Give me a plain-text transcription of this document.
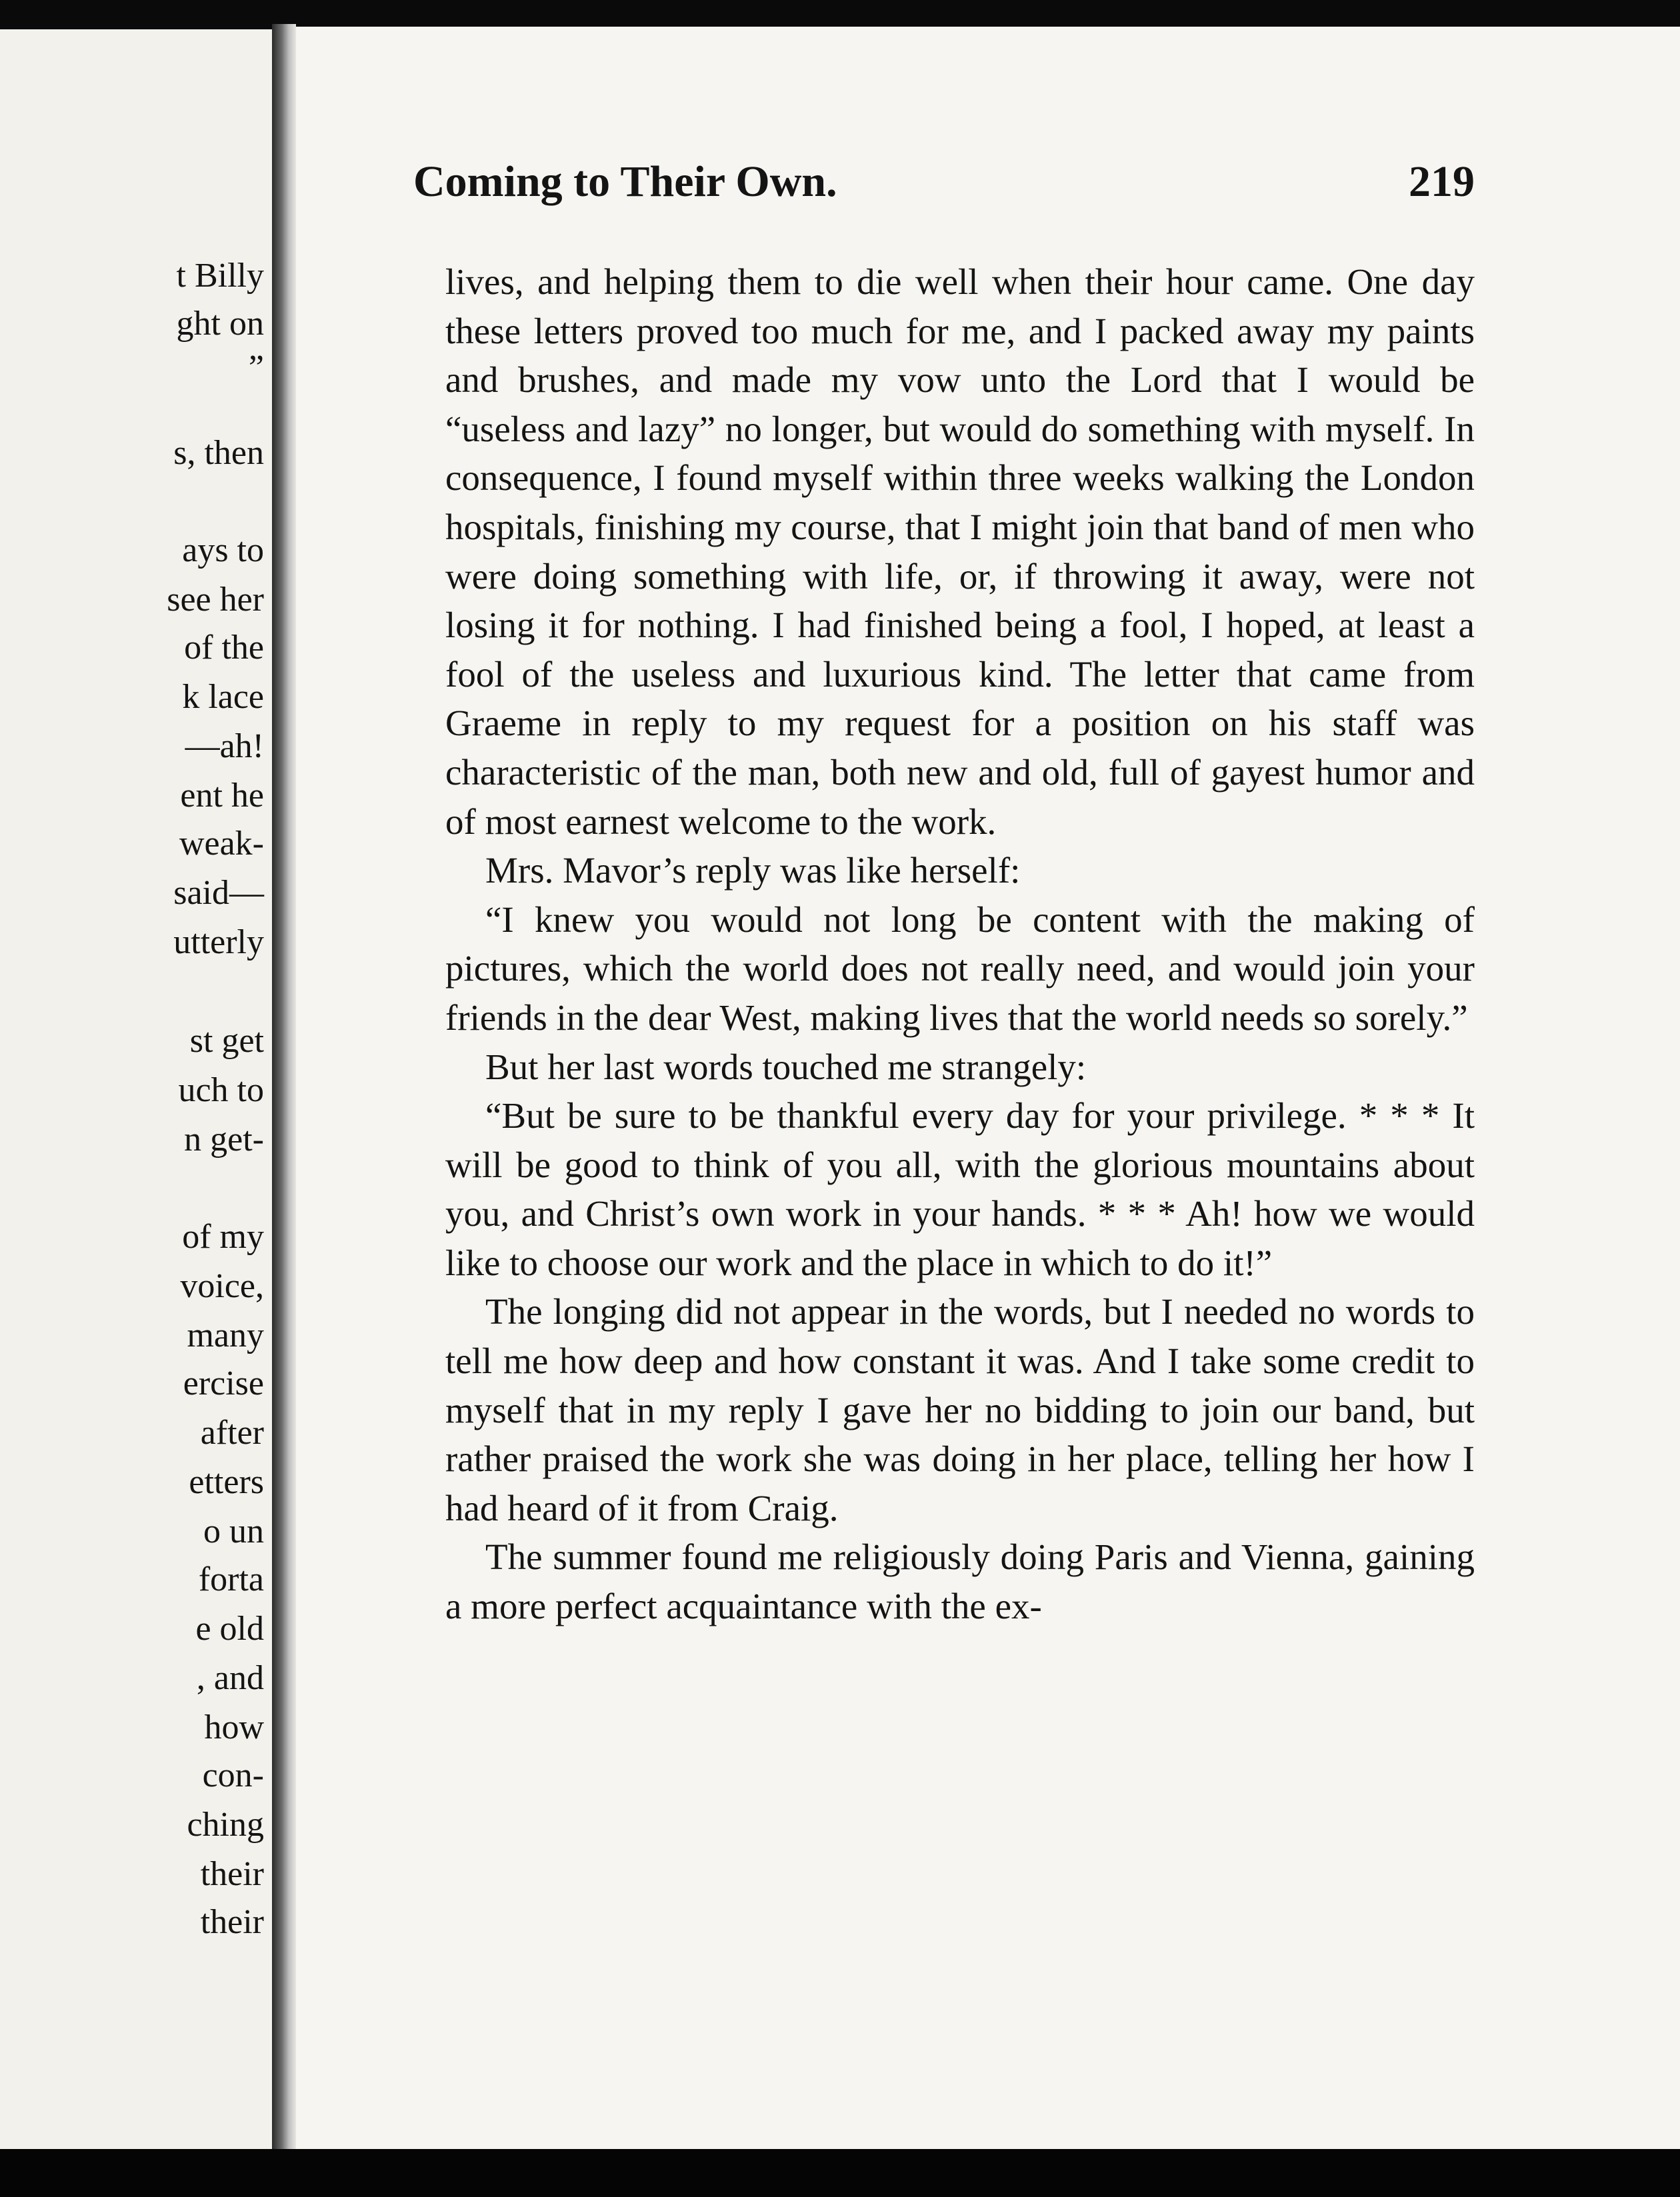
t Billy

ght on

”

s, then

ays to

see her

of the

k lace

—ah!

ent he

weak-

said—

utterly

st get

uch to

n get-

of my

voice,

many

ercise

after

etters

o un

forta

e old

, and

how

con-

ching

their

their

Coming to Their Own.	219

lives, and helping them to die well when their hour came. One day these letters proved too much for me, and I packed away my paints and brushes, and made my vow unto the Lord that I would be “useless and lazy” no longer, but would do something with myself. In consequence, I found myself within three weeks walking the London hospitals, finishing my course, that I might join that band of men who were doing something with life, or, if throwing it away, were not losing it for nothing. I had finished being a fool, I hoped, at least a fool of the useless and luxurious kind. The letter that came from Graeme in reply to my request for a position on his staff was characteristic of the man, both new and old, full of gayest humor and of most earnest welcome to the work.

Mrs. Mavor’s reply was like herself:

“I knew you would not long be content with the making of pictures, which the world does not really need, and would join your friends in the dear West, making lives that the world needs so sorely.”

But her last words touched me strangely:

“But be sure to be thankful every day for your privilege. * * * It will be good to think of you all, with the glorious mountains about you, and Christ’s own work in your hands. * * * Ah! how we would like to choose our work and the place in which to do it!”

The longing did not appear in the words, but I needed no words to tell me how deep and how constant it was. And I take some credit to myself that in my reply I gave her no bidding to join our band, but rather praised the work she was doing in her place, telling her how I had heard of it from Craig.

The summer found me religiously doing Paris and Vienna, gaining a more perfect acquaintance with the ex-
